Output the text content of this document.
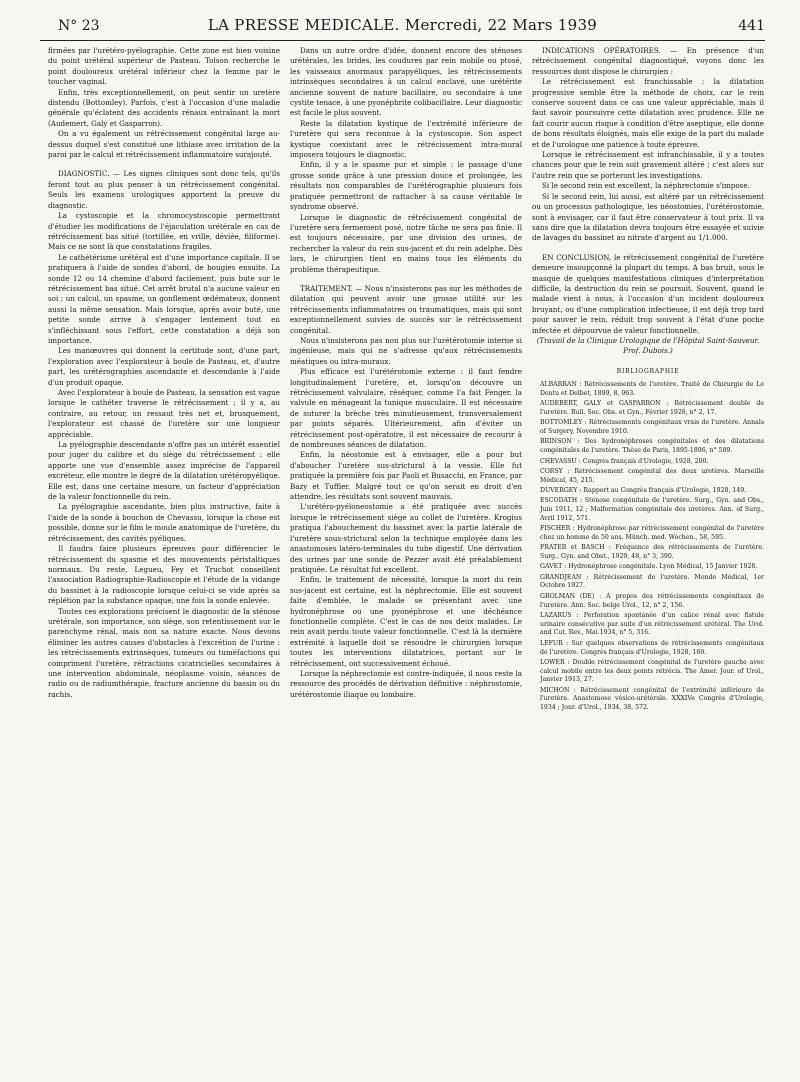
N° 23	LA PRESSE MEDICALE. Mercredi, 22 Mars 1939	441

firmées par l'urétéro-pyélographie. Cette zone est bien voisine du point urétéral supérieur de Pasteau. Tolson recherche le point douloureux urétéral inférieur chez la femme par le toucher vaginal.

Enfin, très exceptionnellement, on peut sentir un uretère distendu (Bottomley). Parfois, c'est à l'occasion d'une maladie générale qu'éclatent des accidents rénaux entraînant la mort (Audemert, Galy et Gasparron).

On a vu également un rétrécissement congénital large au-dessus duquel s'est constitué une lithiase avec irritation de la paroi par le calcul et rétrécissement inflammatoire surajouté.

DIAGNOSTIC. — Les signes cliniques sont donc tels, qu'ils feront tout au plus penser à un rétrécissement congénital. Seuls les examens urologiques apportent la preuve du diagnostic.

La cystoscopie et la chromocystoscopie permettront d'étudier les modifications de l'éjaculation urétérale en cas de rétrécissement bas situé (tortillée, en vrille, déviée, filiforme). Mais ce ne sont là que constatations fragiles.

Le cathétérisme urétéral est d'une importance capitale. Il se pratiquera à l'aide de sondes d'abord, de bougies ensuite. La sonde 12 ou 14 chemine d'abord facilement, puis bute sur le rétrécissement bas situé. Cet arrêt brutal n'a aucune valeur en soi ; un calcul, un spasme, un gonflement œdémateux, donnent aussi la même sensation. Mais lorsque, après avoir buté, une petite sonde arrive à s'engager lentement tout en s'infléchissant sous l'effort, cette constatation a déjà son importance.

Les manœuvres qui donnent la certitude sont, d'une part, l'exploration avec l'explorateur à boule de Pasteau, et, d'autre part, les urétérographies ascendante et descendante à l'aide d'un produit opaque.

Avec l'explorateur à boule de Pasteau, la sensation est vague lorsque le cathéter traverse le rétrécissement ; il y a, au contraire, au retour, un ressaut très net et, brusquement, l'explorateur est chassé de l'uretère sur une longueur appréciable.

La pyélographie descendante n'offre pas un intérêt essentiel pour juger du calibre et du siège du rétrécissement : elle apporte une vue d'ensemble assez imprécise de l'appareil excréteur, elle montre le degré de la dilatation urétéropyélique. Elle est, dans une certaine mesure, un facteur d'appréciation de la valeur fonctionnelle du rein.

La pyélographie ascendante, bien plus instructive, faite à l'aide de la sonde à bouchon de Chevassu, lorsque la chose est possible, donne sur le film le moule anatomique de l'uretère, du rétrécissement, des cavités pyéliques.

Il faudra faire plusieurs épreuves pour différencier le rétrécissement du spasme et des mouvements péristaltiques normaux. Du reste, Legueu, Fey et Truchot conseillent l'association Radiographie-Radioscopie et l'étude de la vidange du bassinet à la radioscopie lorsque celui-ci se vide après sa réplétion par la substance opaque, une fois la sonde enlevée.

Toutes ces explorations précisent le diagnostic de la sténose urétérale, son importance, son siège, son retentissement sur le parenchyme rénal, mais non sa nature exacte. Nous devons éliminer les autres causes d'obstacles à l'excrétion de l'urine : les rétrécissements extrinsèques, tumeurs ou tuméfactions qui compriment l'uretère, rétractions cicatricielles secondaires à une intervention abdominale, néoplasme voisin, séances de radio ou de radiumthérapie, fracture ancienne du bassin ou du rachis.

Dans un autre ordre d'idée, donnent encore des sténoses urétérales, les brides, les coudures par rein mobile ou ptosé, les vaisseaux anormaux parapyéliques, les rétrécissements intrinsèques secondaires à un calcul enclavé, une urétérite ancienne souvent de nature bacillaire, ou secondaire à une cystite tenace, à une pyonéphrite colibacillaire. Leur diagnostic est facile le plus souvent.

Reste la dilatation kystique de l'extrémité inférieure de l'uretère qui sera reconnue à la cystoscopie. Son aspect kystique coexistant avec le rétrécissement intra-mural imposera toujours le diagnostic.

Enfin, il y a le spasme pur et simple : le passage d'une grosse sonde grâce à une pression douce et prolongée, les résultats non comparables de l'urétérographie plusieurs fois pratiquée permettront de rattacher à sa cause véritable le syndrome observé.

Lorsque le diagnostic de rétrécissement congénital de l'uretère sera fermement posé, notre tâche ne sera pas finie. Il est toujours nécessaire, par une division des urines, de rechercher la valeur du rein sus-jacent et du rein adelphe. Dès lors, le chirurgien tient en mains tous les éléments du problème thérapeutique.

TRAITEMENT. — Nous n'insisterons pas sur les méthodes de dilatation qui peuvent avoir une grosse utilité sur les rétrécissements inflammatoires ou traumatiques, mais qui sont exceptionnellement suivies de succès sur le rétrécissement congénital.

Nous n'insisterons pas non plus sur l'urétérotomie interne si ingénieuse, mais qui ne s'adresse qu'aux rétrécissements méatiques ou intra-muraux.

Plus efficace est l'urétérotomie externe : il faut fendre longitudinalement l'uretère, et, lorsqu'on découvre un rétrécissement valvulaire, réséquer, comme l'a fait Fenger, la valvule en ménageant la tunique musculaire. Il est nécessaire de suturer la brèche très minutieusement, transversalement par points séparés. Ultérieurement, afin d'éviter un rétrécissement post-opératoire, il est nécessaire de recourir à de nombreuses séances de dilatation.

Enfin, la néostomie est à envisager, elle a pour but d'aboucher l'uretère sus-strictural à la vessie. Elle fut pratiquée la première fois par Paoli et Busacchi, en France, par Bazy et Tuffier. Malgré tout ce qu'on serait en droit d'en attendre, les résultats sont souvent mauvais.

L'urétéro-pyéloneostomie a été pratiquée avec succès lorsque le rétrécissement siège au collet de l'uretère. Krogius pratiqua l'abouchement du bassinet avec la partie latérale de l'uretère sous-strictural selon la technique employée dans les anastomoses latéro-terminales du tube digestif. Une dérivation des urines par une sonde de Pezzer avait été préalablement pratiquée. Le résultat fut excellent.

Enfin, le traitement de nécessité, lorsque la mort du rein sus-jacent est certaine, est la néphrectomie. Elle est souvent faite d'emblée, le malade se présentant avec une hydronéphrose ou une pyonéphrose et une déchéance fonctionnelle complète. C'est le cas de nos deux malades. Le rein avait perdu toute valeur fonctionnelle. C'est là la dernière extrémité à laquelle doit se résoudre le chirurgien lorsque toutes les interventions dilatatrices, portant sur le rétrécissement, ont successivement échoué.

Lorsque la néphrectomie est contre-indiquée, il nous reste la ressource des procédés de dérivation définitive : néphrostomie, urétérostomie iliaque ou lombaire.

INDICATIONS OPÉRATOIRES. — En présence d'un rétrécissement congénital diagnostiqué, voyons donc les ressources dont dispose le chirurgien :

Le rétrécissement est franchissable : la dilatation progressive semble être la méthode de choix, car le rein conserve souvent dans ce cas une valeur appréciable, mais il faut savoir poursuivre cette dilatation avec prudence. Elle ne fait courir aucun risque à condition d'être aseptique, elle donne de bons résultats éloignés, mais elle exige de la part du malade et de l'urologue une patience à toute épreuve.

Lorsque le rétrécissement est infranchissable, il y a toutes chances pour que le rein soit gravement altéré ; c'est alors sur l'autre rein que se porteront les investigations.

Si le second rein est excellent, la néphrectomie s'impose.

Si le second rein, lui aussi, est altéré par un rétrécissement ou un processus pathologique, les néostomies, l'urétérostomie, sont à envisager, car il faut être conservateur à tout prix. Il va sans dire que la dilatation devra toujours être essayée et suivie de lavages du bassinet au nitrate d'argent au 1/1.000.

EN CONCLUSION, le rétrécissement congénital de l'uretère demeure insoupçonné la plupart du temps. A bas bruit, sous le masque de quelques manifestations cliniques d'interprétation difficile, la destruction du rein se poursuit. Souvent, quand le malade vient à nous, à l'occasion d'un incident douloureux bruyant, ou d'une complication infectieuse, il est déjà trop tard pour sauver le rein, réduit trop souvent à l'état d'une poche infectée et dépourvue de valeur fonctionnelle.

(Travail de la Clinique Urologique de l'Hôpital Saint-Sauveur. Prof. Dubois.)

BIBLIOGRAPHIE

ALBARRAN : Rétrécissements de l'uretère. Traité de Chirurgie de Le Dentu et Delbet, 1899, 8, 963.

AUDEBERT, GALY et GASPARRON : Rétrécissement double de l'uretère. Bull. Soc. Obs. et Gyn., Février 1928, n° 2, 17.

BOTTOMLEY : Rétrécissements congénitaux vrais de l'uretère. Annals of Surgery, Novembre 1910.

BRINSON : Des hydronéphroses congénitales et des dilatations congénitales de l'uretère. Thèse de Paris, 1895-1896, n° 589.

CHEVASSU : Congrès français d'Urologie, 1928, 200.

CORSY : Rétrécissement congénital des deux uretères. Marseille Médical, 45, 215.

DUVERGEY : Rapport au Congrès français d'Urologie, 1928, 149.

ESCODATH : Sténose congénitale de l'uretère. Surg., Gyn. and Obs., Juin 1911, 12 ; Malformation congénitale des uretères. Ann. of Surg., Avril 1912, 571.

FISCHER : Hydronéphrose par rétrécissement congénital de l'uretère chez un homme de 50 ans. Münch. med. Wochen., 58, 595.

FRATER et BASCH : Fréquence des rétrécissements de l'uretère. Surg., Gyn. and Obst., 1929, 48, n° 3, 390.

GAVET : Hydronéphrose congénitale. Lyon Médical, 15 Janvier 1928.

GRANDJEAN : Rétrécissement de l'uretère. Monde Médical, 1er Octobre 1927.

GROLMAN (DE) : A propos des rétrécissements congénitaux de l'uretère. Ann. Soc. belge Urol., 12, n° 2, 156.

LAZARUS : Perforation spontanée d'un calice rénal avec fistule urinaire consécutive par suite d'un rétrécissement urétéral. The Urol. and Cut. Rev., Mai 1934, n° 5, 316.

LEFUR : Sur quelques observations de rétrécissements congénitaux de l'uretère. Congrès français d'Urologie, 1928, 169.

LOWER : Double rétrécissement congénital de l'uretère gauche avec calcul mobile entre les deux points rétrécis. The Amer. Jour. of Urol., Janvier 1913, 27.

MICHON : Rétrécissement congénital de l'extrémité inférieure de l'uretère. Anastomose vésico-urétérale. XXXIVe Congrès d'Urologie, 1934 ; Jour. d'Urol., 1934, 38, 572.
